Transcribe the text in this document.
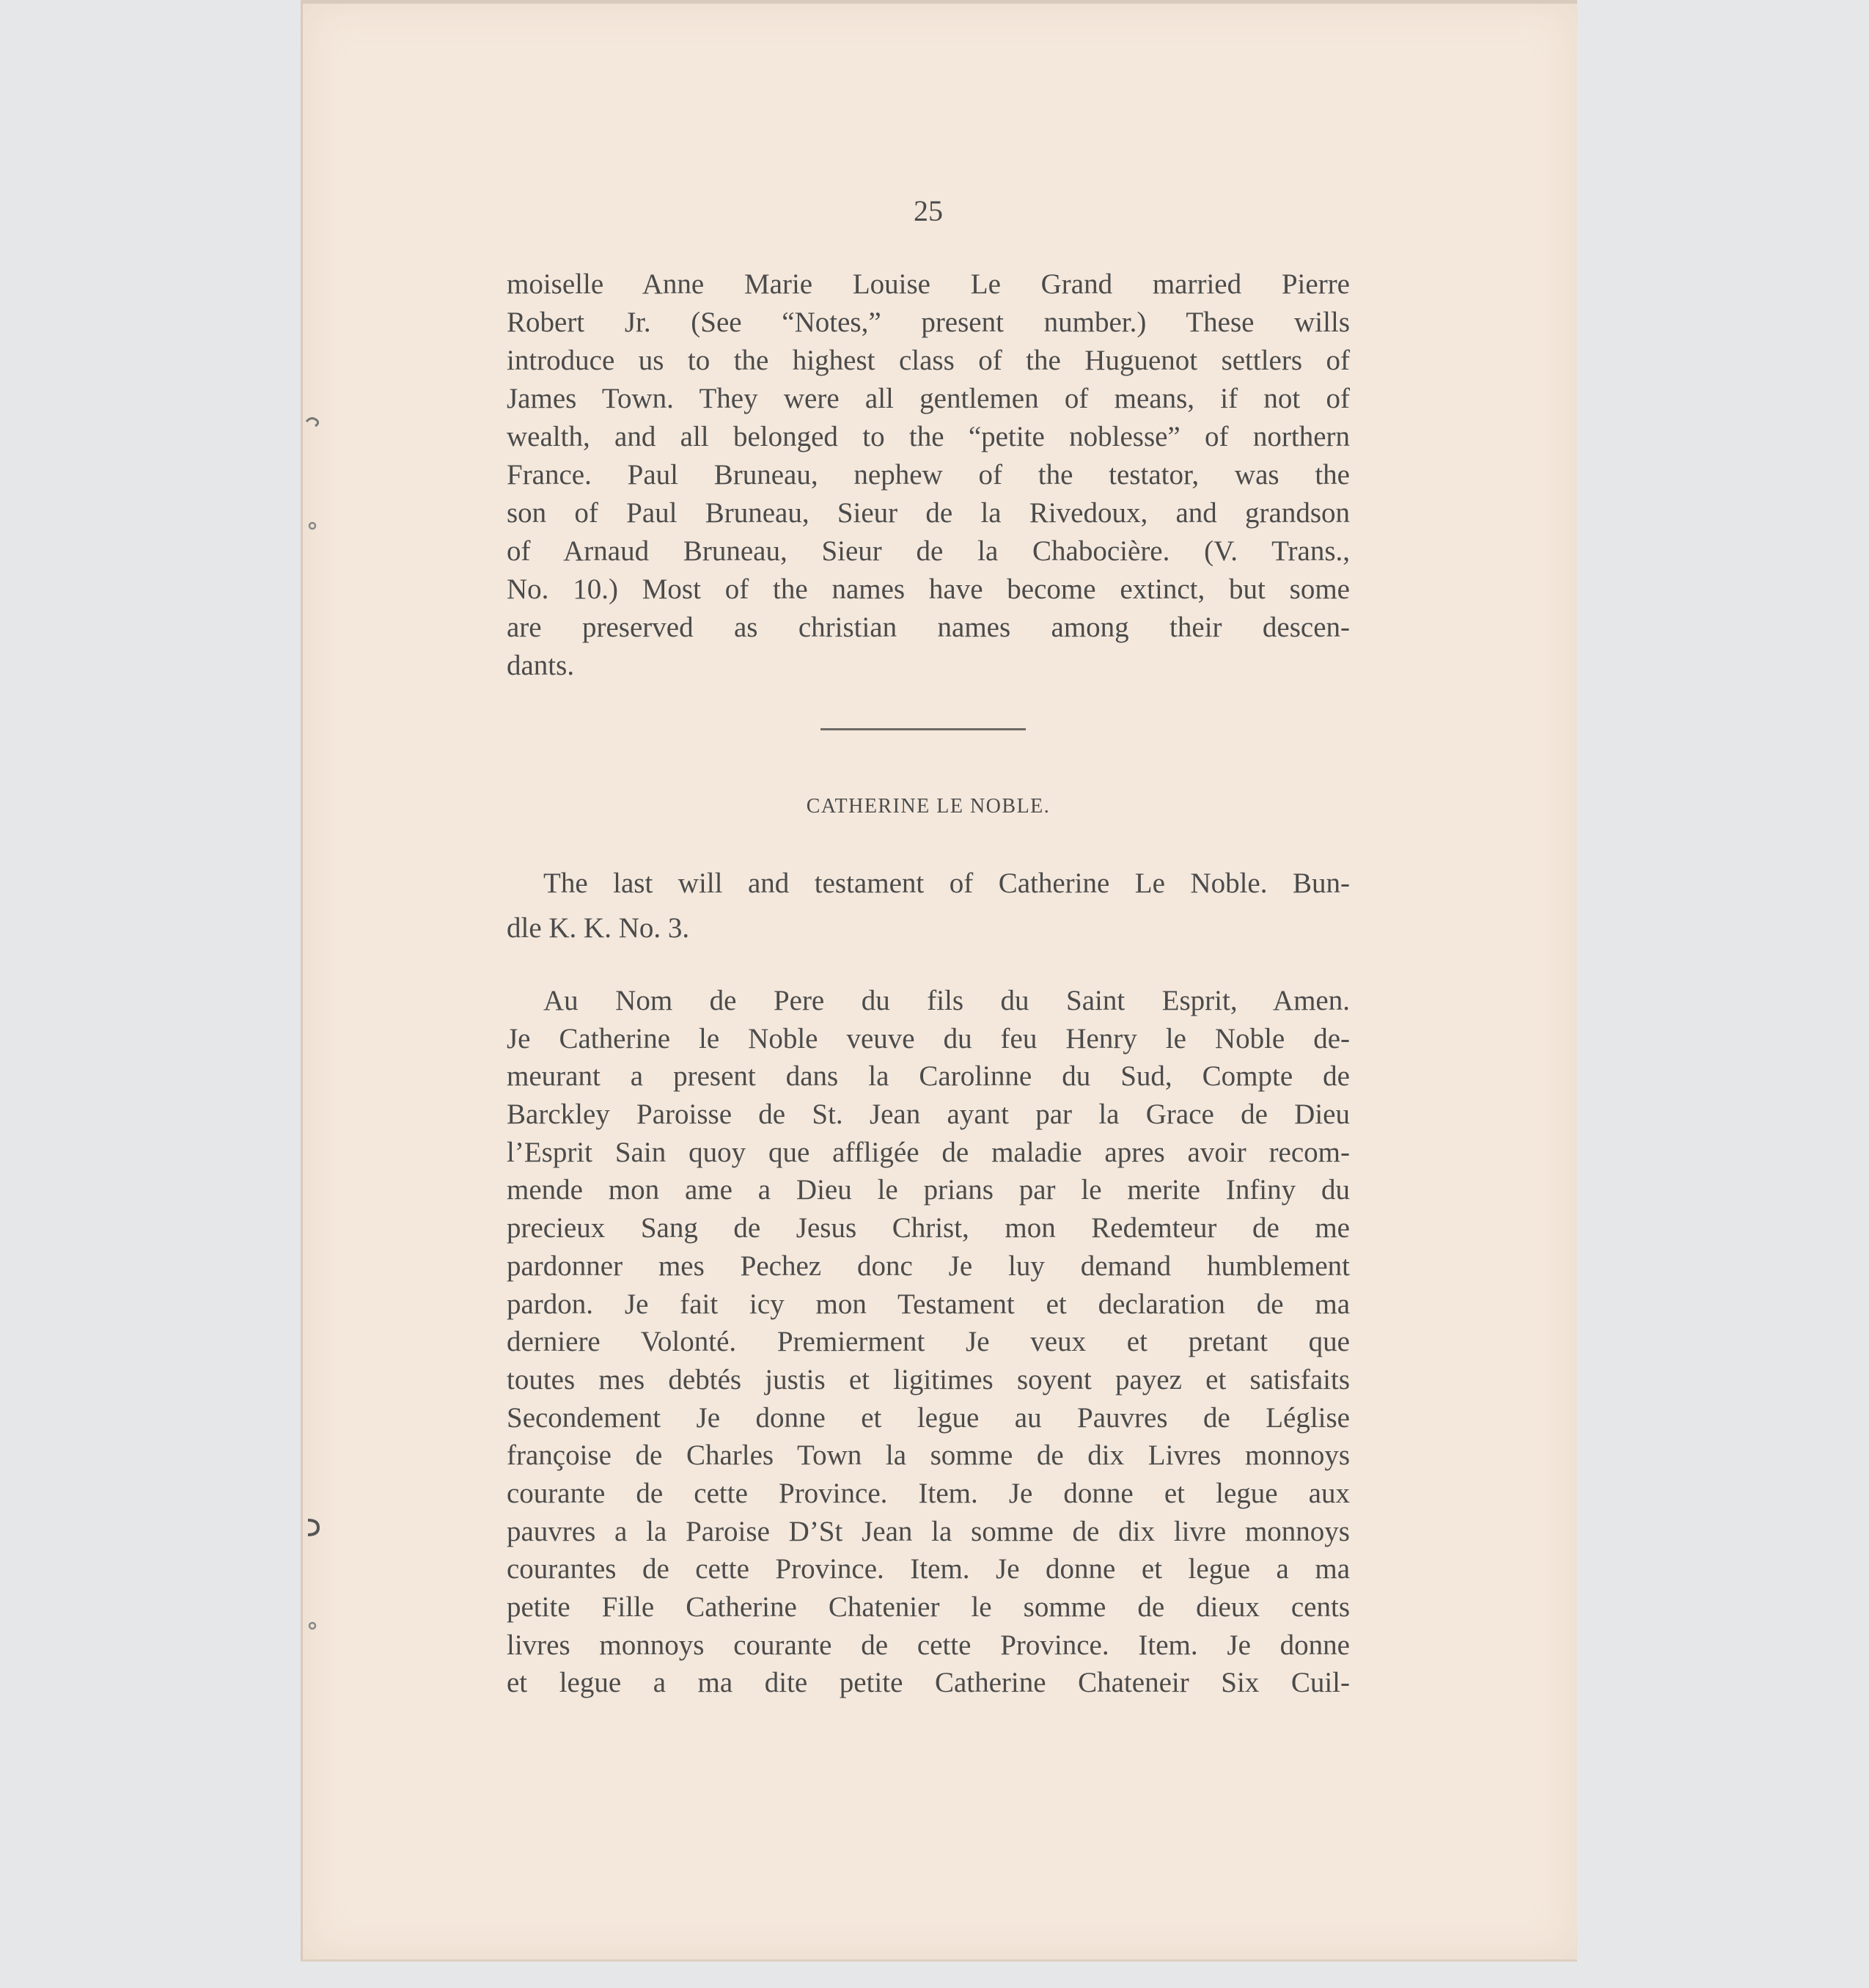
25
moiselle Anne Marie Louise Le Grand married Pierre
Robert Jr. (See “Notes,” present number.) These wills
introduce us to the highest class of the Huguenot settlers of
James Town. They were all gentlemen of means, if not of
wealth, and all belonged to the “petite noblesse” of northern
France. Paul Bruneau, nephew of the testator, was the
son of Paul Bruneau, Sieur de la Rivedoux, and grandson
of Arnaud Bruneau, Sieur de la Chabocière. (V. Trans.,
No. 10.) Most of the names have become extinct, but some
are preserved as christian names among their descen-
dants.
CATHERINE LE NOBLE.
The last will and testament of Catherine Le Noble. Bun-
dle K. K. No. 3.
Au Nom de Pere du fils du Saint Esprit, Amen.
Je Catherine le Noble veuve du feu Henry le Noble de-
meurant a present dans la Carolinne du Sud, Compte de
Barckley Paroisse de St. Jean ayant par la Grace de Dieu
l’Esprit Sain quoy que affligée de maladie apres avoir recom-
mende mon ame a Dieu le prians par le merite Infiny du
precieux Sang de Jesus Christ, mon Redemteur de me
pardonner mes Pechez donc Je luy demand humblement
pardon. Je fait icy mon Testament et declaration de ma
derniere Volonté. Premierment Je veux et pretant que
toutes mes debtés justis et ligitimes soyent payez et satisfaits
Secondement Je donne et legue au Pauvres de Léglise
françoise de Charles Town la somme de dix Livres monnoys
courante de cette Province. Item. Je donne et legue aux
pauvres a la Paroise D’St Jean la somme de dix livre monnoys
courantes de cette Province. Item. Je donne et legue a ma
petite Fille Catherine Chatenier le somme de dieux cents
livres monnoys courante de cette Province. Item. Je donne
et legue a ma dite petite Catherine Chateneir Six Cuil-
